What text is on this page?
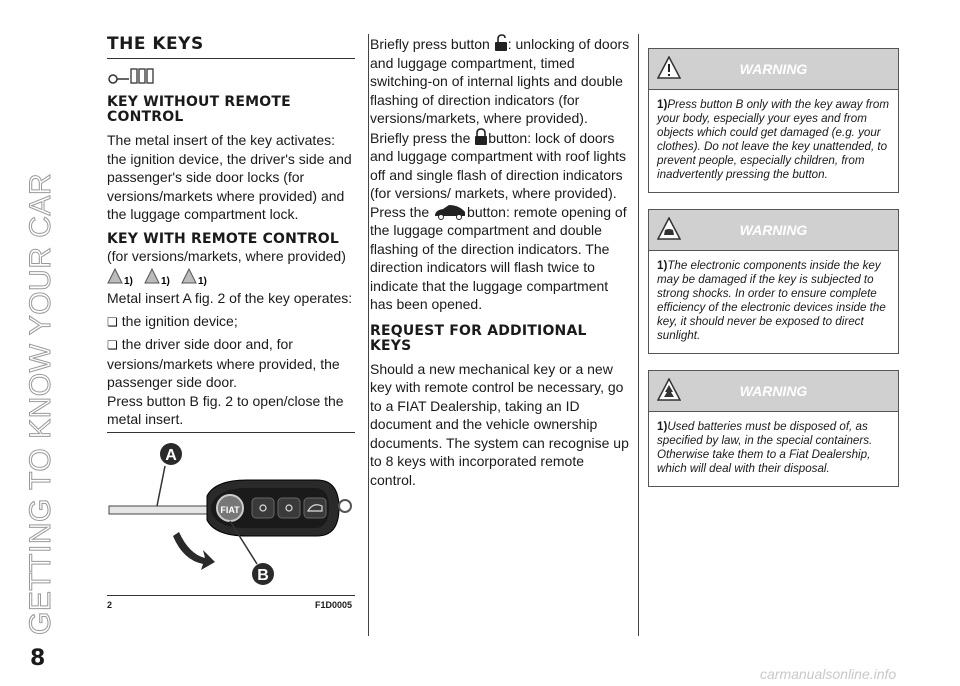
GETTING TO KNOW YOUR CAR
8
THE KEYS
KEY WITHOUT REMOTE CONTROL

The metal insert of the key activates: the ignition device, the driver's side and passenger's side door locks (for versions/markets where provided) and the luggage compartment lock.

KEY WITH REMOTE CONTROL

(for versions/markets, where provided)

1)	1)	1)

Metal insert A fig. 2 of the key operates:

❏ the ignition device;

❏ the driver side door and, for versions/markets where provided, the passenger side door.

Press button B fig. 2 to open/close the metal insert.

FIAT
A
B
2	F1D0005

Briefly press button : unlocking of doors and luggage compartment, timed switching-on of internal lights and double flashing of direction indicators (for versions/markets, where provided).

Briefly press the button: lock of doors and luggage compartment with roof lights off and single flash of direction indicators (for versions/ markets, where provided).

Press the	button: remote opening of the luggage compartment and double flashing of the direction indicators. The direction indicators will flash twice to indicate that the luggage compartment has been opened.

REQUEST FOR ADDITIONAL KEYS

Should a new mechanical key or a new key with remote control be necessary, go to a FIAT Dealership, taking an ID document and the vehicle ownership documents. The system can recognise up to 8 keys with incorporated remote control.

WARNING
1)Press button B only with the key away from your body, especially your eyes and from objects which could get damaged (e.g. your clothes). Do not leave the key unattended, to prevent people, especially children, from inadvertently pressing the button.
WARNING
1)The electronic components inside the key may be damaged if the key is subjected to strong shocks. In order to ensure complete efficiency of the electronic devices inside the key, it should never be exposed to direct sunlight.
WARNING
1)Used batteries must be disposed of, as specified by law, in the special containers. Otherwise take them to a Fiat Dealership, which will deal with their disposal.
carmanualsonline.info
